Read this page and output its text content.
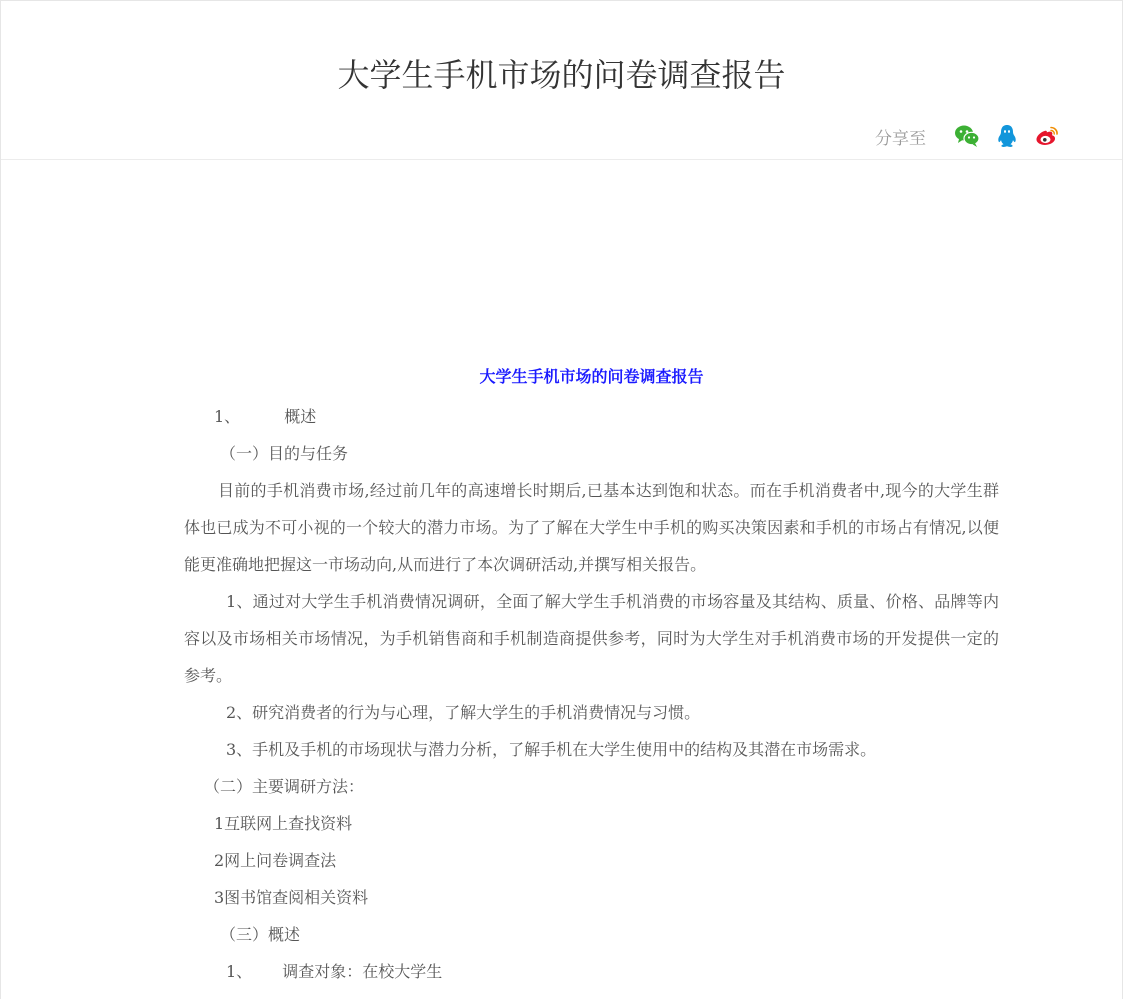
大学生手机市场的问卷调查报告
分享至

大学生手机市场的问卷调查报告

1、	概述

（一）目的与任务

目前的手机消费市场,经过前几年的高速增长时期后,已基本达到饱和状态。而在手机消费者中,现今的大学生群体也已成为不可小视的一个较大的潜力市场。为了了解在大学生中手机的购买决策因素和手机的市场占有情况,以便能更准确地把握这一市场动向,从而进行了本次调研活动,并撰写相关报告。

1、通过对大学生手机消费情况调研，全面了解大学生手机消费的市场容量及其结构、质量、价格、品牌等内容以及市场相关市场情况，为手机销售商和手机制造商提供参考，同时为大学生对手机消费市场的开发提供一定的参考。

2、研究消费者的行为与心理，了解大学生的手机消费情况与习惯。

3、手机及手机的市场现状与潜力分析，了解手机在大学生使用中的结构及其潜在市场需求。

（二）主要调研方法：

1互联网上查找资料

2网上问卷调查法

3图书馆查阅相关资料

（三）概述

1、 调查对象：在校大学生
